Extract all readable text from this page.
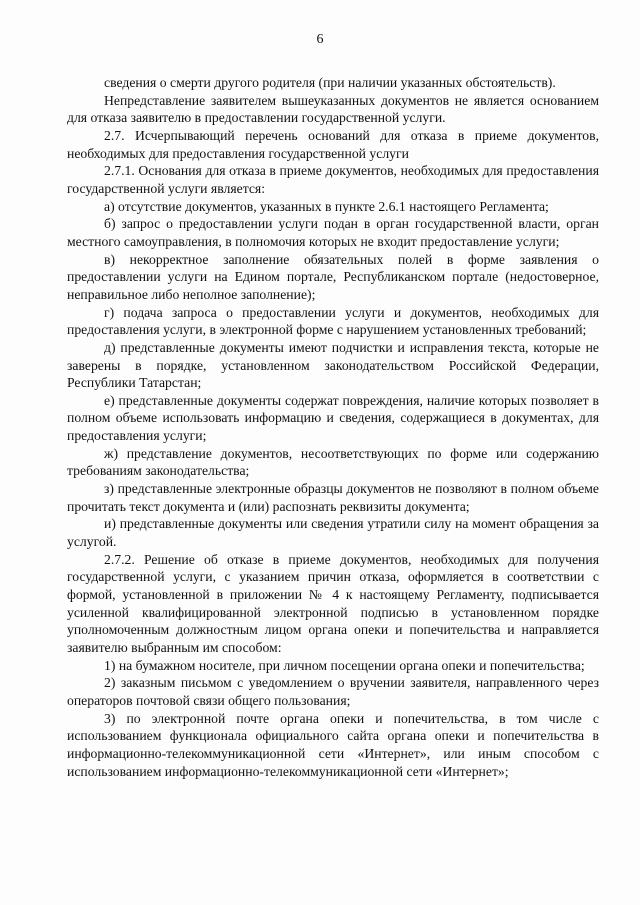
6

сведения о смерти другого родителя (при наличии указанных обстоятельств).

Непредставление заявителем вышеуказанных документов не является основанием для отказа заявителю в предоставлении государственной услуги.

2.7. Исчерпывающий перечень оснований для отказа в приеме документов, необходимых для предоставления государственной услуги

2.7.1. Основания для отказа в приеме документов, необходимых для предоставления государственной услуги является:

а) отсутствие документов, указанных в пункте 2.6.1 настоящего Регламента;

б) запрос о предоставлении услуги подан в орган государственной власти, орган местного самоуправления, в полномочия которых не входит предоставление услуги;

в) некорректное заполнение обязательных полей в форме заявления о предоставлении услуги на Едином портале, Республиканском портале (недостоверное, неправильное либо неполное заполнение);

г) подача запроса о предоставлении услуги и документов, необходимых для предоставления услуги, в электронной форме с нарушением установленных требований;

д) представленные документы имеют подчистки и исправления текста, которые не заверены в порядке, установленном законодательством Российской Федерации, Республики Татарстан;

е) представленные документы содержат повреждения, наличие которых позволяет в полном объеме использовать информацию и сведения, содержащиеся в документах, для предоставления услуги;

ж) представление документов, несоответствующих по форме или содержанию требованиям законодательства;

з) представленные электронные образцы документов не позволяют в полном объеме прочитать текст документа и (или) распознать реквизиты документа;

и) представленные документы или сведения утратили силу на момент обращения за услугой.

2.7.2. Решение об отказе в приеме документов, необходимых для получения государственной услуги, с указанием причин отказа, оформляется в соответствии с формой, установленной в приложении № 4 к настоящему Регламенту, подписывается усиленной квалифицированной электронной подписью в установленном порядке уполномоченным должностным лицом органа опеки и попечительства и направляется заявителю выбранным им способом:

1) на бумажном носителе, при личном посещении органа опеки и попечительства;

2) заказным письмом с уведомлением о вручении заявителя, направленного через операторов почтовой связи общего пользования;

3) по электронной почте органа опеки и попечительства, в том числе с использованием функционала официального сайта органа опеки и попечительства в информационно-телекоммуникационной сети «Интернет», или иным способом с использованием информационно-телекоммуникационной сети «Интернет»;
